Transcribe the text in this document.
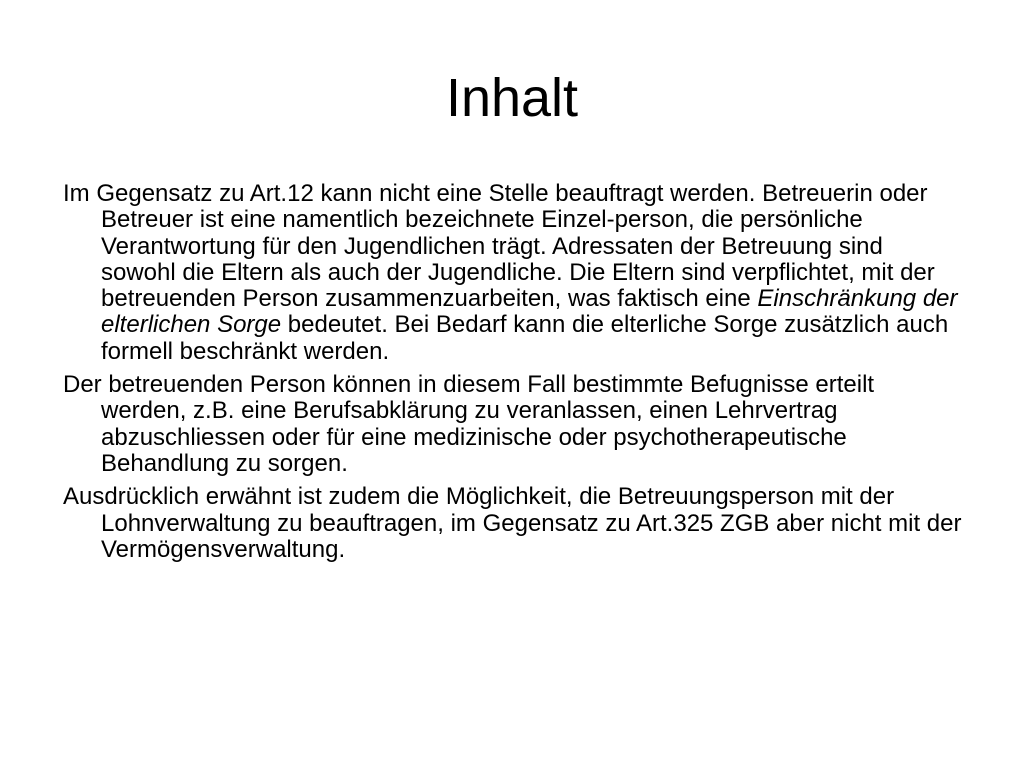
Inhalt

Im Gegensatz zu Art.12 kann nicht eine Stelle beauftragt werden. Betreuerin oder Betreuer ist eine namentlich bezeichnete Einzel-person, die persönliche Verantwortung für den Jugendlichen trägt. Adressaten der Betreuung sind sowohl die Eltern als auch der Jugendliche. Die Eltern sind verpflichtet, mit der betreuenden Person zusammenzuarbeiten, was faktisch eine Einschränkung der elterlichen Sorge bedeutet. Bei Bedarf kann die elterliche Sorge zusätzlich auch formell beschränkt werden.

Der betreuenden Person können in diesem Fall bestimmte Befugnisse erteilt werden, z.B. eine Berufsabklärung zu veranlassen, einen Lehrvertrag abzuschliessen oder für eine medizinische oder psychotherapeutische Behandlung zu sorgen.

Ausdrücklich erwähnt ist zudem die Möglichkeit, die Betreuungsperson mit der Lohnverwaltung zu beauftragen, im Gegensatz zu Art.325 ZGB aber nicht mit der Vermögensverwaltung.
